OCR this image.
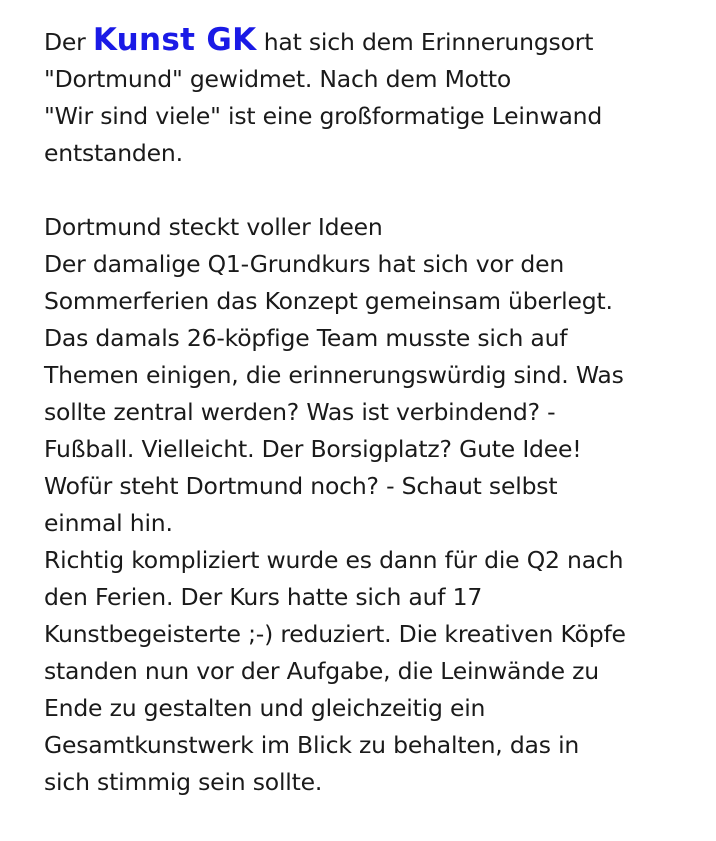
Der Kunst GK hat sich dem Erinnerungsort
"Dortmund" gewidmet. Nach dem Motto
"Wir sind viele" ist eine großformatige Leinwand
entstanden.

Dortmund steckt voller Ideen
Der damalige Q1-Grundkurs hat sich vor den
Sommerferien das Konzept gemeinsam überlegt.
Das damals 26-köpfige Team musste sich auf
Themen einigen, die erinnerungswürdig sind. Was
sollte zentral werden? Was ist verbindend? -
Fußball. Vielleicht. Der Borsigplatz? Gute Idee!
Wofür steht Dortmund noch? - Schaut selbst
einmal hin.
Richtig kompliziert wurde es dann für die Q2 nach
den Ferien. Der Kurs hatte sich auf 17
Kunstbegeisterte ;-) reduziert. Die kreativen Köpfe
standen nun vor der Aufgabe, die Leinwände zu
Ende zu gestalten und gleichzeitig ein
Gesamtkunstwerk im Blick zu behalten, das in
sich stimmig sein sollte.
